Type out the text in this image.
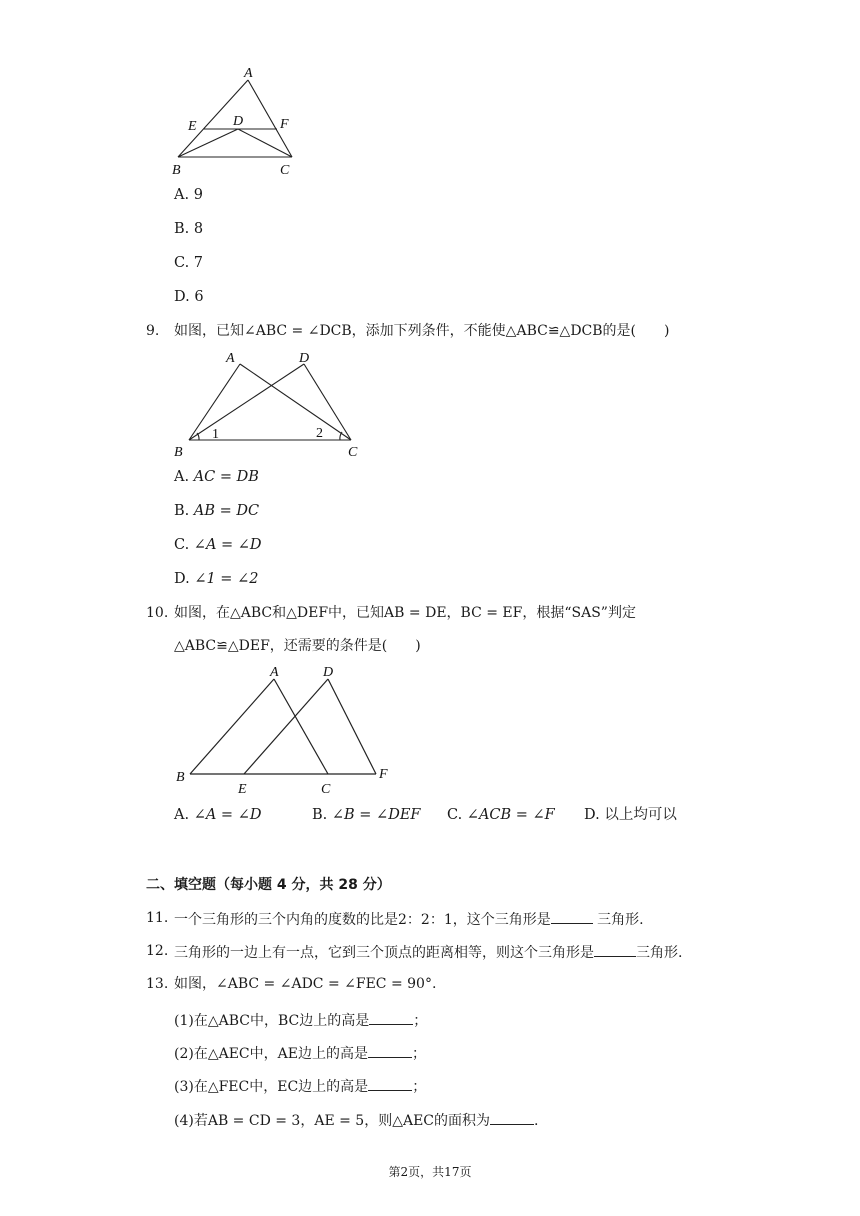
A
E	D	F
B	C
A. 9
B. 8
C. 7
D. 6
9. 如图，已知∠ABC = ∠DCB，添加下列条件，不能使△ABC≌△DCB的是(　　)
A	D
B	C
1	2
A. AC = DB
B. AB = DC
C. ∠A = ∠D
D. ∠1 = ∠2
10. 如图，在△ABC和△DEF中，已知AB = DE，BC = EF，根据“SAS”判定
△ABC≌△DEF，还需要的条件是(　　)
A	D
B
E	C
F
A. ∠A = ∠D	B. ∠B = ∠DEF C. ∠ACB = ∠F D. 以上均可以
二、填空题（每小题 4 分，共 28 分）
11. 一个三角形的三个内角的度数的比是2：2：1，这个三角形是	三角形.
12. 三角形的一边上有一点，它到三个顶点的距离相等，则这个三角形是	三角形.
13. 如图，∠ABC = ∠ADC = ∠FEC = 90°.
(1)在△ABC中，BC边上的高是	；
(2)在△AEC中，AE边上的高是	；
(3)在△FEC中，EC边上的高是	；
(4)若AB = CD = 3，AE = 5，则△AEC的面积为	.
第2页，共17页
